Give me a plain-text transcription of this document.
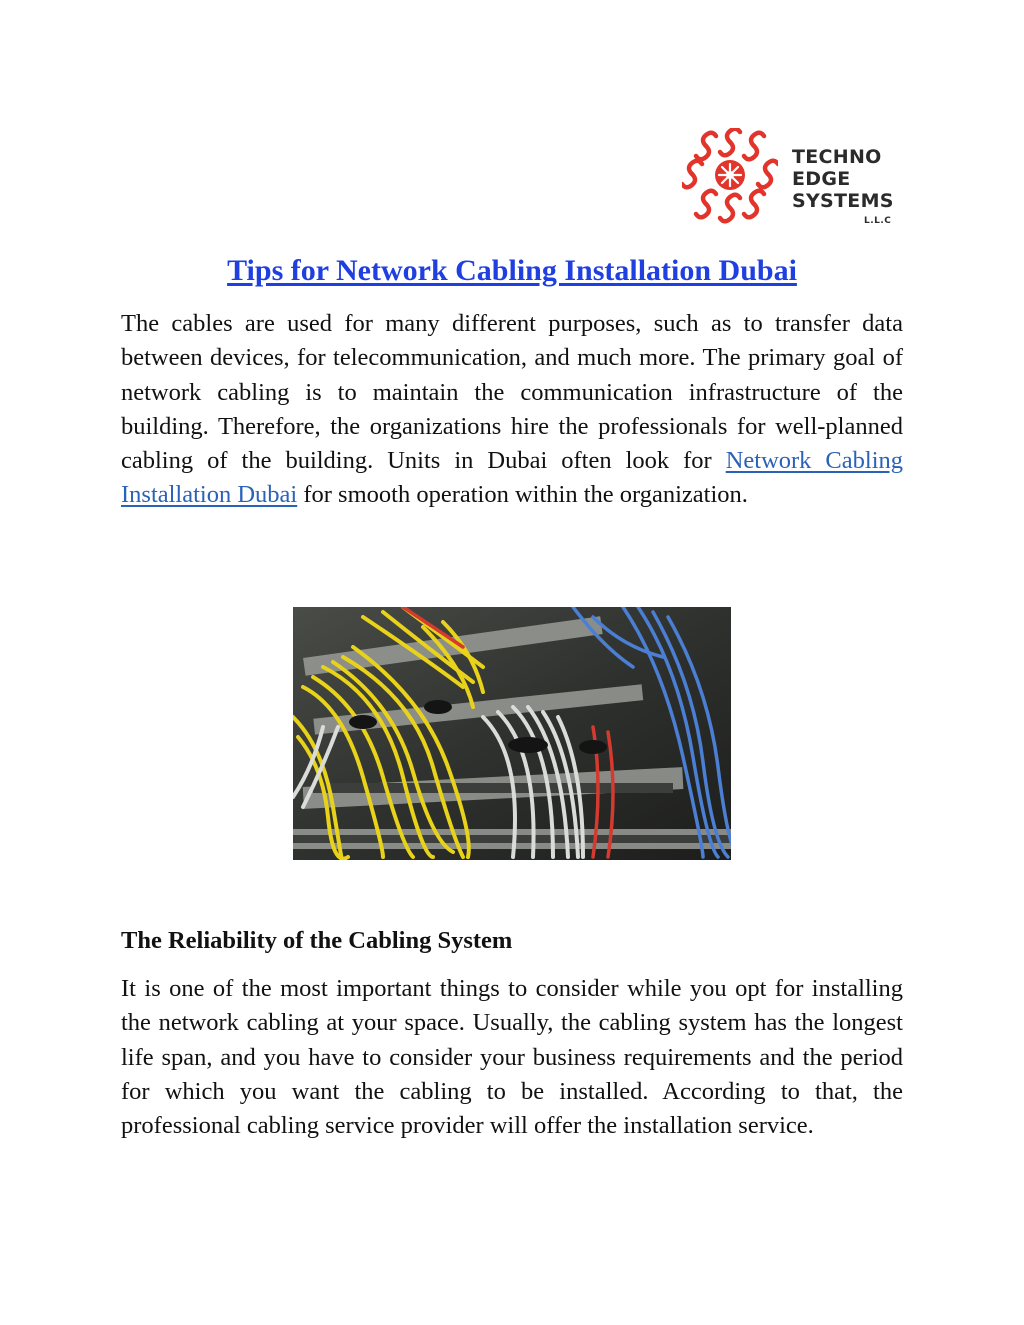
TECHNO
EDGE
SYSTEMS
L.L.C
Tips for Network Cabling Installation Dubai

The cables are used for many different purposes, such as to transfer data between devices, for telecommunication, and much more. The primary goal of network cabling is to maintain the communication infrastructure of the building. Therefore, the organizations hire the professionals for well-planned cabling of the building. Units in Dubai often look for Network Cabling Installation Dubai for smooth operation within the organization.

The Reliability of the Cabling System

It is one of the most important things to consider while you opt for installing the network cabling at your space. Usually, the cabling system has the longest life span, and you have to consider your business requirements and the period for which you want the cabling to be installed. According to that, the professional cabling service provider will offer the installation service.
